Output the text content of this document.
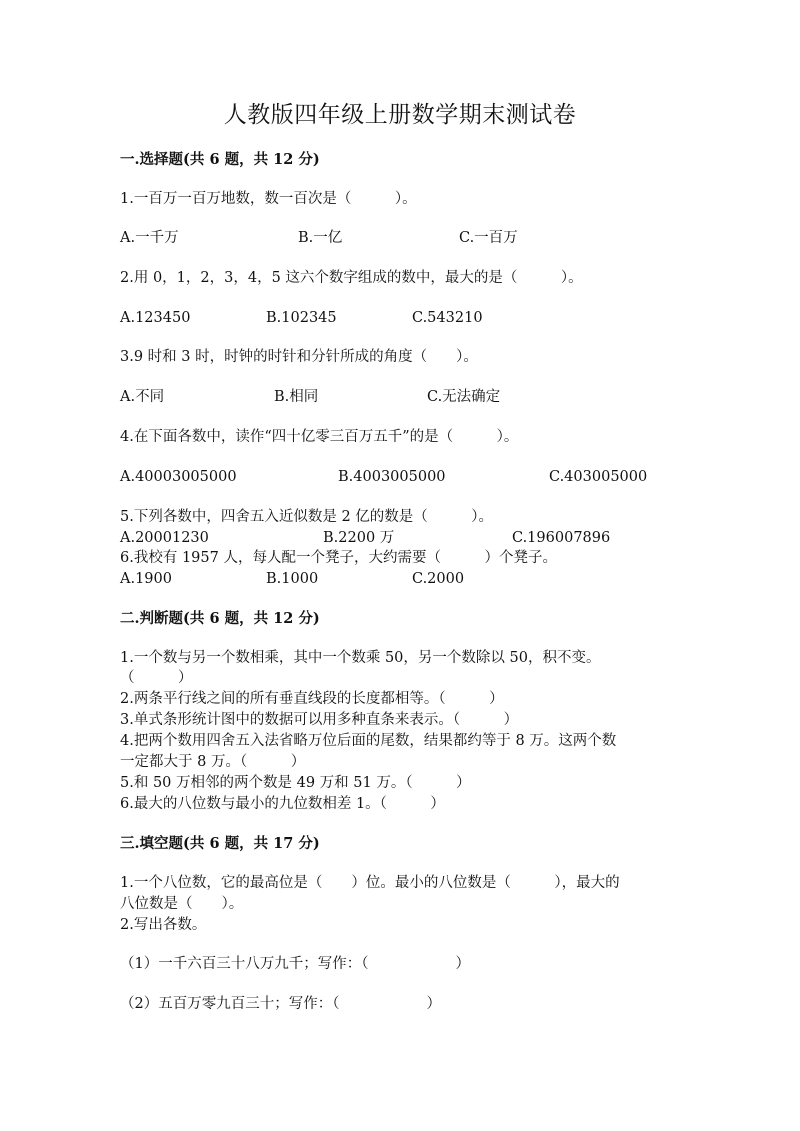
人教版四年级上册数学期末测试卷
一.选择题(共 6 题，共 12 分)
1.一百万一百万地数，数一百次是（　　　）。
A.一千万	B.一亿	C.一百万
2.用 0，1，2，3，4，5 这六个数字组成的数中，最大的是（　　　）。
A.123450	B.102345	C.543210
3.9 时和 3 时，时钟的时针和分针所成的角度（　　）。
A.不同	B.相同	C.无法确定
4.在下面各数中，读作“四十亿零三百万五千”的是（　　　）。
A.40003005000	B.4003005000	C.403005000
5.下列各数中，四舍五入近似数是 2 亿的数是（　　　）。
A.20001230	B.2200 万	C.196007896
6.我校有 1957 人，每人配一个凳子，大约需要（　　　）个凳子。
A.1900	B.1000	C.2000
二.判断题(共 6 题，共 12 分)
1.一个数与另一个数相乘，其中一个数乘 50，另一个数除以 50，积不变。
（　　　）
2.两条平行线之间的所有垂直线段的长度都相等。（　　　）
3.单式条形统计图中的数据可以用多种直条来表示。（　　　）
4.把两个数用四舍五入法省略万位后面的尾数，结果都约等于 8 万。这两个数
一定都大于 8 万。（　　　）
5.和 50 万相邻的两个数是 49 万和 51 万。（　　　）
6.最大的八位数与最小的九位数相差 1。（　　　）
三.填空题(共 6 题，共 17 分)
1.一个八位数，它的最高位是（　　）位。最小的八位数是（　　　），最大的
八位数是（　　）。
2.写出各数。
（1）一千六百三十八万九千；写作：（　　　　　　）
（2）五百万零九百三十；写作：（　　　　　　）
